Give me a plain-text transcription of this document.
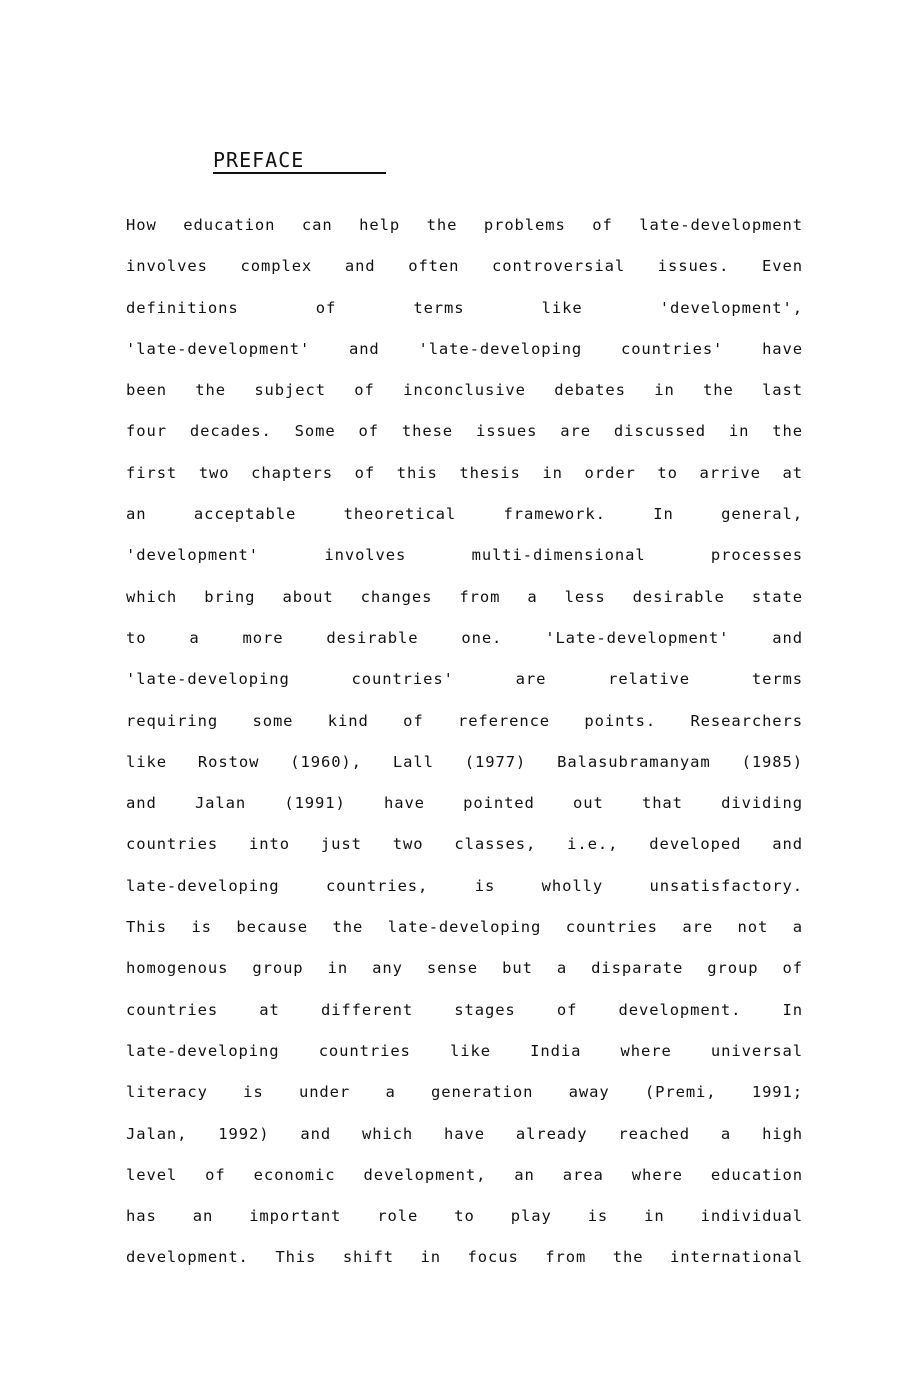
PREFACE
How education can help the problems of late-development
involves complex and often controversial issues. Even
definitions of terms like 'development',
'late-development' and 'late-developing countries' have
been the subject of inconclusive debates in the last
four decades. Some of these issues are discussed in the
first two chapters of this thesis in order to arrive at
an acceptable theoretical framework. In general,
'development' involves multi-dimensional processes
which bring about changes from a less desirable state
to a more desirable one. 'Late-development' and
'late-developing countries' are relative terms
requiring some kind of reference points. Researchers
like Rostow (1960), Lall (1977) Balasubramanyam (1985)
and Jalan (1991) have pointed out that dividing
countries into just two classes, i.e., developed and
late-developing countries, is wholly unsatisfactory.
This is because the late-developing countries are not a
homogenous group in any sense but a disparate group of
countries at different stages of development. In
late-developing countries like India where universal
literacy is under a generation away (Premi, 1991;
Jalan, 1992) and which have already reached a high
level of economic development, an area where education
has an important role to play is in individual
development. This shift in focus from the international
